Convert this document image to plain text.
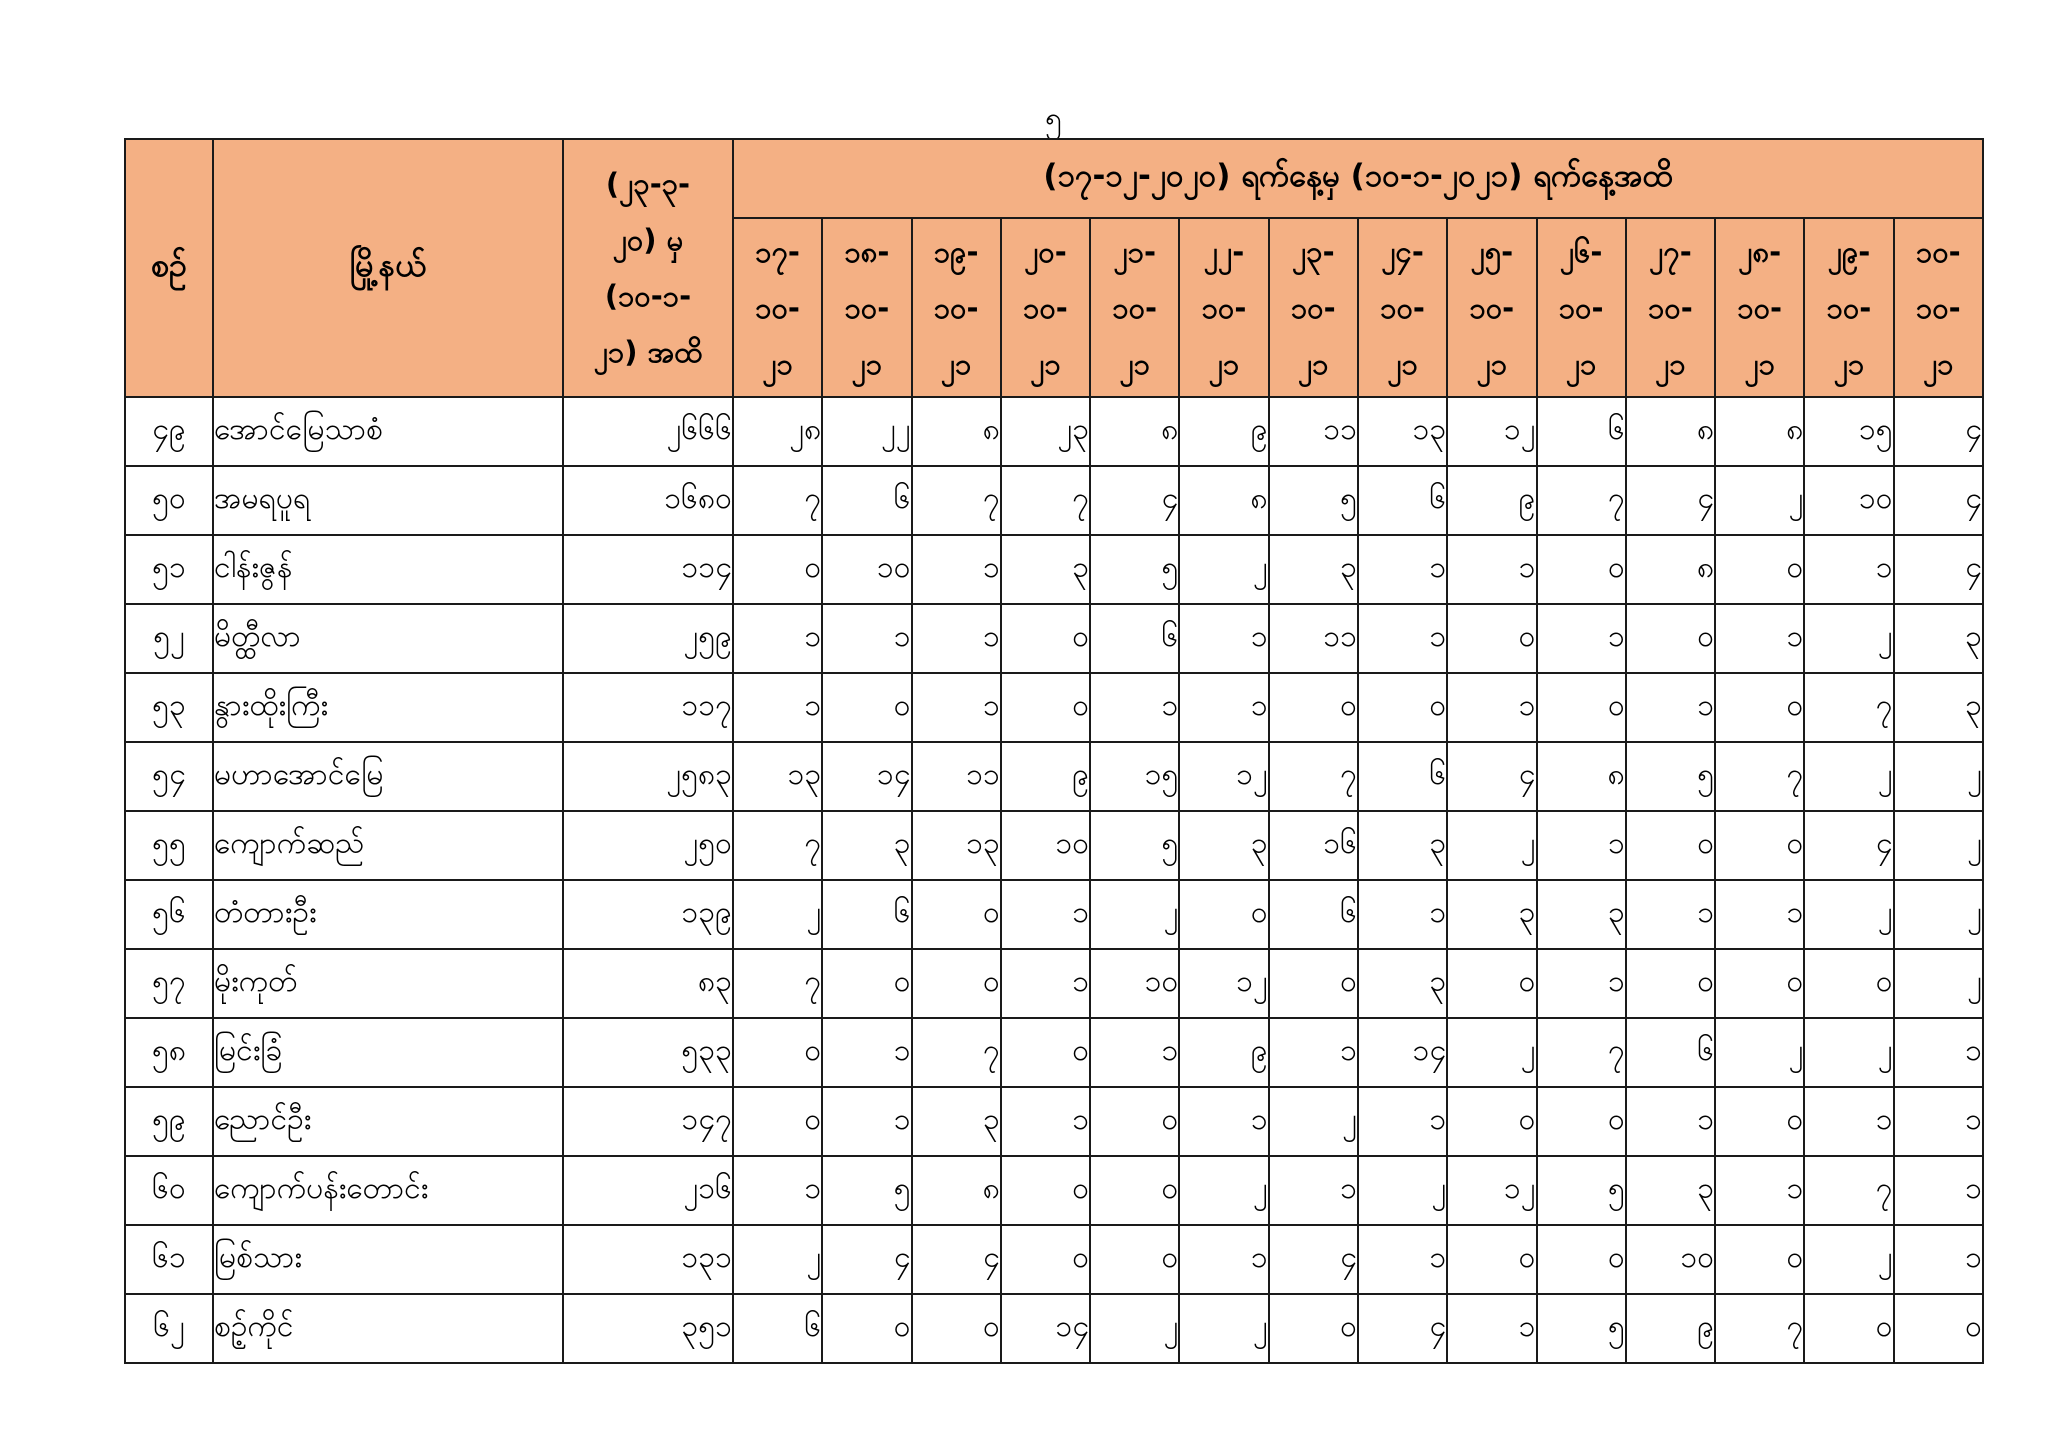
၅
စဉ်	မြို့နယ်	(၂၃-၃-
၂၀) မှ
(၁၀-၁-
၂၁) အထိ	(၁၇-၁၂-၂၀၂၀) ရက်နေ့မှ (၁၀-၁-၂၀၂၁) ရက်နေ့အထိ													
			၁၇-
၁၀-
၂၁	၁၈-
၁၀-
၂၁	၁၉-
၁၀-
၂၁	၂၀-
၁၀-
၂၁	၂၁-
၁၀-
၂၁	၂၂-
၁၀-
၂၁	၂၃-
၁၀-
၂၁	၂၄-
၁၀-
၂၁	၂၅-
၁၀-
၂၁	၂၆-
၁၀-
၂၁	၂၇-
၁၀-
၂၁	၂၈-
၁၀-
၂၁	၂၉-
၁၀-
၂၁	၁၀-
၁၀-
၂၁
၄၉	အောင်မြေသာစံ	၂၆၆၆	၂၈	၂၂	၈	၂၃	၈	၉	၁၁	၁၃	၁၂	၆	၈	၈	၁၅	၄
၅၀	အမရပူရ	၁၆၈၀	၇	၆	၇	၇	၄	၈	၅	၆	၉	၇	၄	၂	၁၀	၄
၅၁	ငါန်းဇွန်	၁၁၄	၀	၁၀	၁	၃	၅	၂	၃	၁	၁	၀	၈	၀	၁	၄
၅၂	မိတ္ထီလာ	၂၅၉	၁	၁	၁	၀	၆	၁	၁၁	၁	၀	၁	၀	၁	၂	၃
၅၃	နွားထိုးကြီး	၁၁၇	၁	၀	၁	၀	၁	၁	၀	၀	၁	၀	၁	၀	၇	၃
၅၄	မဟာအောင်မြေ	၂၅၈၃	၁၃	၁၄	၁၁	၉	၁၅	၁၂	၇	၆	၄	၈	၅	၇	၂	၂
၅၅	ကျောက်ဆည်	၂၅၀	၇	၃	၁၃	၁၀	၅	၃	၁၆	၃	၂	၁	၀	၀	၄	၂
၅၆	တံတားဦး	၁၃၉	၂	၆	၀	၁	၂	၀	၆	၁	၃	၃	၁	၁	၂	၂
၅၇	မိုးကုတ်	၈၃	၇	၀	၀	၁	၁၀	၁၂	၀	၃	၀	၁	၀	၀	၀	၂
၅၈	မြင်းခြံ	၅၃၃	၀	၁	၇	၀	၁	၉	၁	၁၄	၂	၇	၆	၂	၂	၁
၅၉	ညောင်ဦး	၁၄၇	၀	၁	၃	၁	၀	၁	၂	၁	၀	၀	၁	၀	၁	၁
၆၀	ကျောက်ပန်းတောင်း	၂၁၆	၁	၅	၈	၀	၀	၂	၁	၂	၁၂	၅	၃	၁	၇	၁
၆၁	မြစ်သား	၁၃၁	၂	၄	၄	၀	၀	၁	၄	၁	၀	၀	၁၀	၀	၂	၁
၆၂	စဉ့်ကိုင်	၃၅၁	၆	၀	၀	၁၄	၂	၂	၀	၄	၁	၅	၉	၇	၀	၀
